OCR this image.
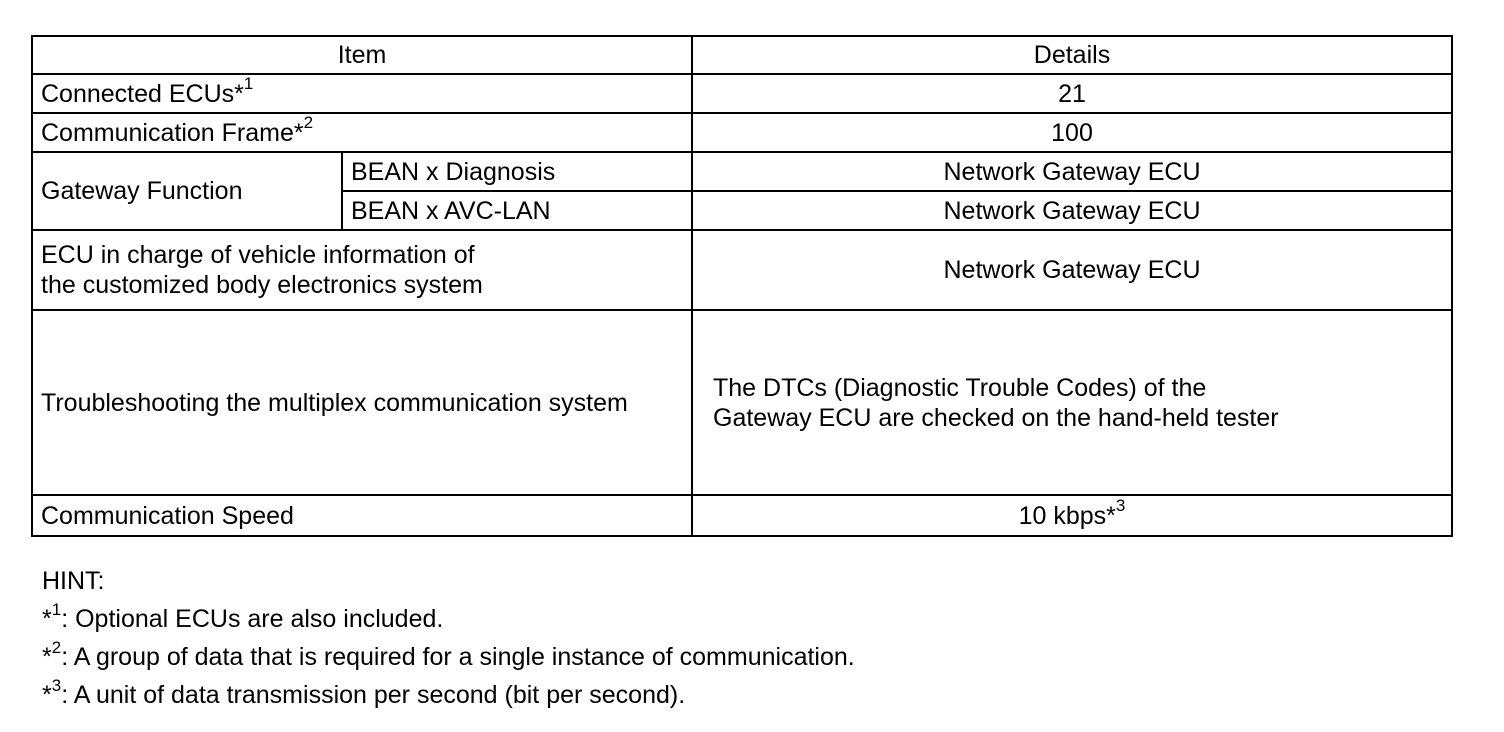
Item		Details
Connected ECUs*$^1$		21
Communication Frame*$^2$		100
Gateway Function	BEAN x Diagnosis	Network Gateway ECU
	BEAN x AVC-LAN	Network Gateway ECU

ECU in charge of vehicle information of
the customized body electronics system		Network Gateway ECU
Troubleshooting the multiplex communication system		The DTCs (Diagnostic Trouble Codes) of the
Gateway ECU are checked on the hand-held tester

Communication Speed		10 kbps*$^3$
HINT:
*$^1$: Optional ECUs are also included.
*$^2$: A group of data that is required for a single instance of communication.
*$^3$: A unit of data transmission per second (bit per second).
